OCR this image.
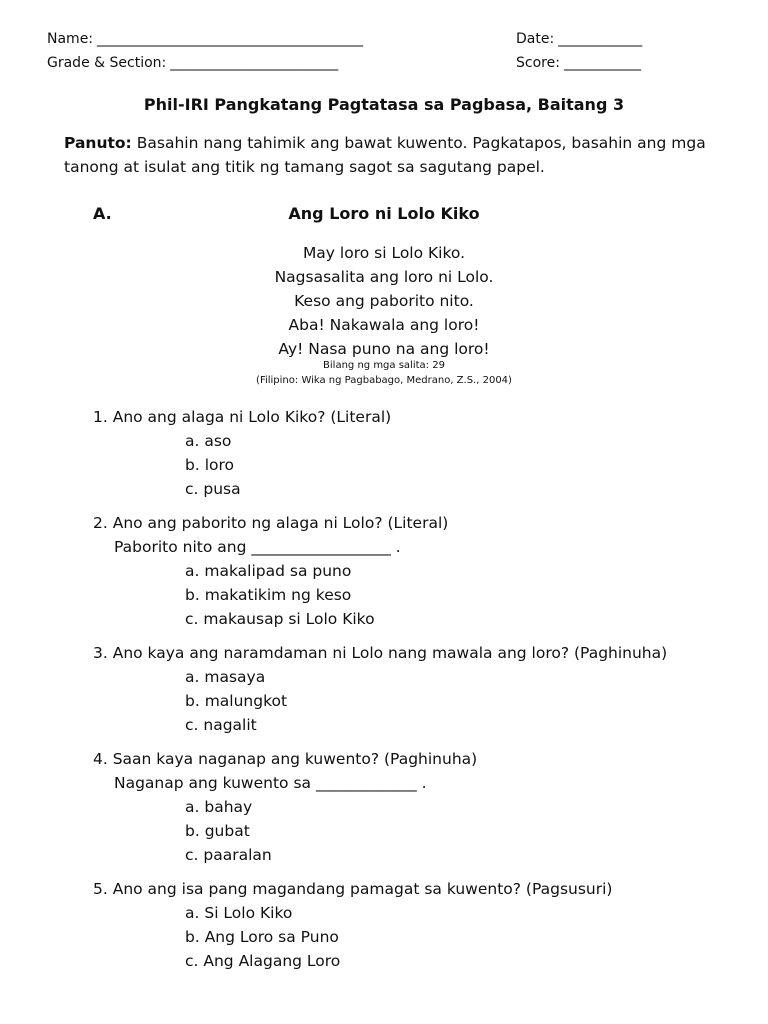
Name: ______________________________________	Date: ____________
Grade & Section: ________________________	Score: ___________
Phil-IRI Pangkatang Pagtatasa sa Pagbasa, Baitang 3
Panuto: Basahin nang tahimik ang bawat kuwento. Pagkatapos, basahin ang mga tanong at isulat ang titik ng tamang sagot sa sagutang papel.
A.	Ang Loro ni Lolo Kiko
May loro si Lolo Kiko.
Nagsasalita ang loro ni Lolo.
Keso ang paborito nito.
Aba! Nakawala ang loro!
Ay! Nasa puno na ang loro!
Bilang ng mga salita: 29
(Filipino: Wika ng Pagbabago, Medrano, Z.S., 2004)
1. Ano ang alaga ni Lolo Kiko? (Literal)
a. aso
b. loro
c. pusa
2. Ano ang paborito ng alaga ni Lolo? (Literal)
Paborito nito ang __________________ .
a. makalipad sa puno
b. makatikim ng keso
c. makausap si Lolo Kiko
3. Ano kaya ang naramdaman ni Lolo nang mawala ang loro? (Paghinuha)
a. masaya
b. malungkot
c. nagalit
4. Saan kaya naganap ang kuwento? (Paghinuha)
Naganap ang kuwento sa _____________ .
a. bahay
b. gubat
c. paaralan
5. Ano ang isa pang magandang pamagat sa kuwento? (Pagsusuri)
a. Si Lolo Kiko
b. Ang Loro sa Puno
c. Ang Alagang Loro
